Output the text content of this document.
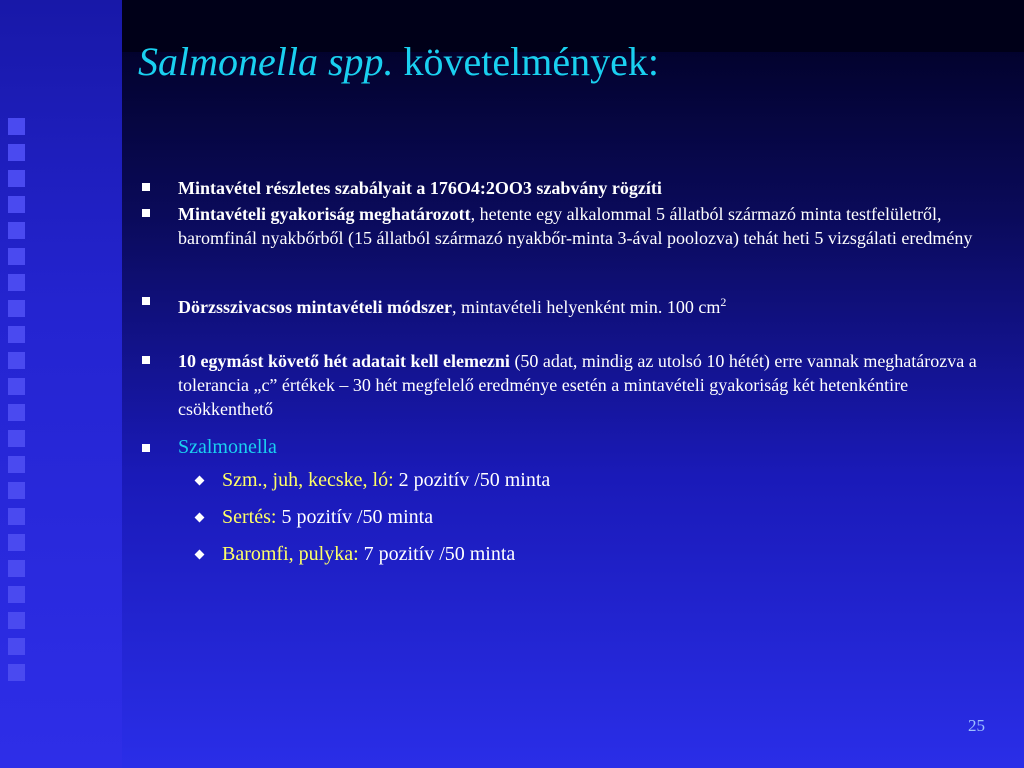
Salmonella spp. követelmények:
Mintavétel részletes szabályait a 176O4:2OO3 szabvány rögzíti
Mintavételi gyakoriság meghatározott, hetente egy alkalommal 5 állatból származó minta testfelületről, baromfinál nyakbőrből (15 állatból származó nyakbőr-minta 3-ával poolozva) tehát heti 5 vizsgálati eredmény
Dörzsszivacsos mintavételi módszer, mintavételi helyenként min. 100 $cm^2$
10 egymást követő hét adatait kell elemezni (50 adat, mindig az utolsó 10 hétét) erre vannak meghatározva a tolerancia „c” értékek – 30 hét megfelelő eredménye esetén a mintavételi gyakoriság két hetenkéntire csökkenthető
Szalmonella
Szm., juh, kecske, ló: 2 pozitív /50 minta
Sertés: 5 pozitív /50 minta
Baromfi, pulyka: 7 pozitív /50 minta
25
